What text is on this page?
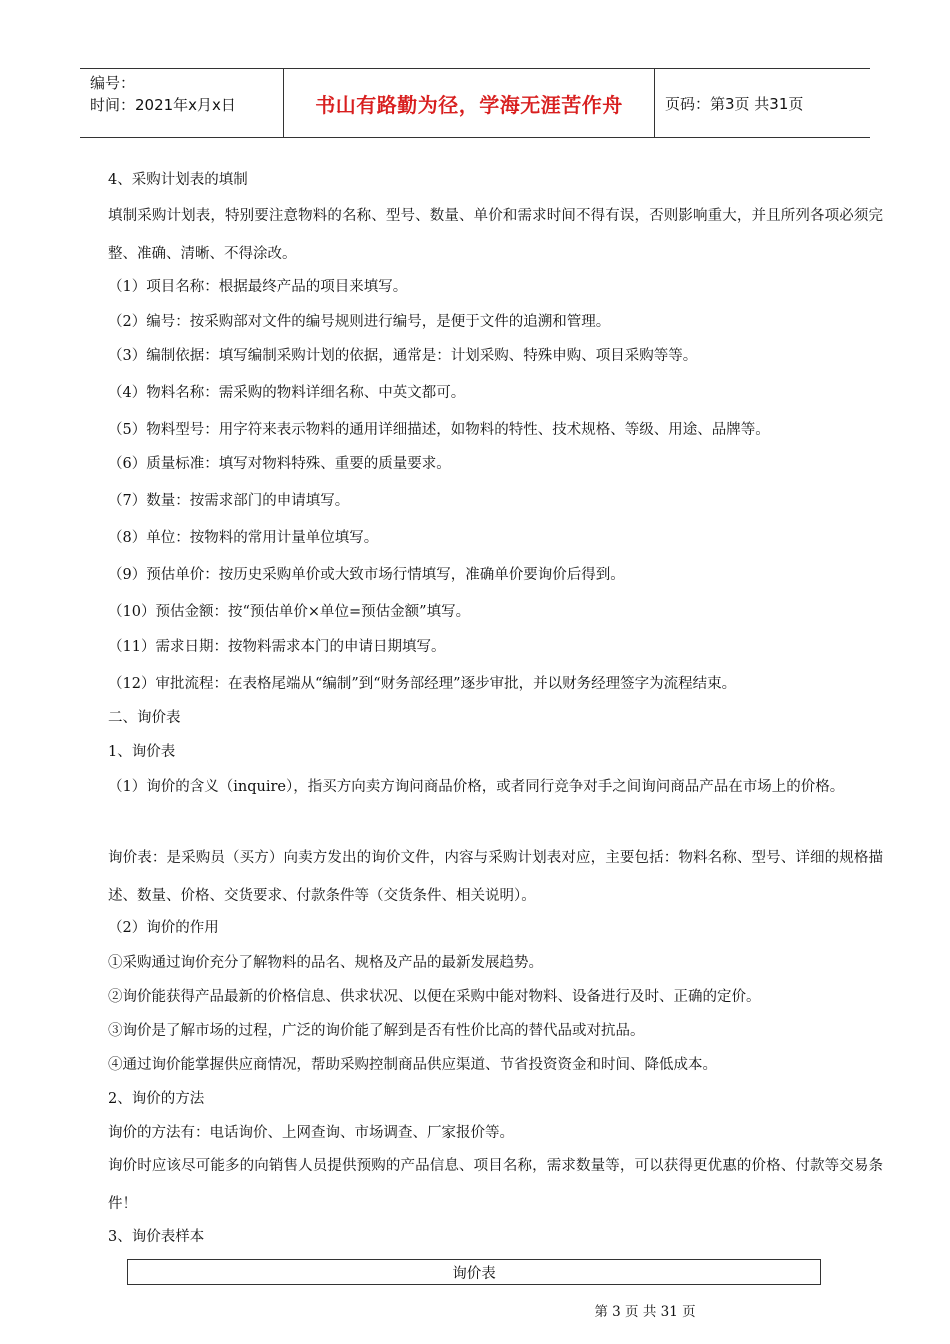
编号：
时间：2021年x月x日	书山有路勤为径，学海无涯苦作舟	页码：第3页 共31页
4、采购计划表的填制
填制采购计划表，特别要注意物料的名称、型号、数量、单价和需求时间不得有误，否则影响重大，并且所列各项必须完整、准确、清晰、不得涂改。
（1）项目名称：根据最终产品的项目来填写。
（2）编号：按采购部对文件的编号规则进行编号，是便于文件的追溯和管理。
（3）编制依据：填写编制采购计划的依据，通常是：计划采购、特殊申购、项目采购等等。
（4）物料名称：需采购的物料详细名称、中英文都可。
（5）物料型号：用字符来表示物料的通用详细描述，如物料的特性、技术规格、等级、用途、品牌等。
（6）质量标准：填写对物料特殊、重要的质量要求。
（7）数量：按需求部门的申请填写。
（8）单位：按物料的常用计量单位填写。
（9）预估单价：按历史采购单价或大致市场行情填写，准确单价要询价后得到。
（10）预估金额：按“预估单价×单位=预估金额”填写。
（11）需求日期：按物料需求本门的申请日期填写。
（12）审批流程：在表格尾端从“编制”到“财务部经理”逐步审批，并以财务经理签字为流程结束。
二、询价表
1、询价表
（1）询价的含义（inquire），指买方向卖方询问商品价格，或者同行竞争对手之间询问商品产品在市场上的价格。
询价表：是采购员（买方）向卖方发出的询价文件，内容与采购计划表对应，主要包括：物料名称、型号、详细的规格描述、数量、价格、交货要求、付款条件等（交货条件、相关说明）。
（2）询价的作用
①采购通过询价充分了解物料的品名、规格及产品的最新发展趋势。
②询价能获得产品最新的价格信息、供求状况、以便在采购中能对物料、设备进行及时、正确的定价。
③询价是了解市场的过程，广泛的询价能了解到是否有性价比高的替代品或对抗品。
④通过询价能掌握供应商情况，帮助采购控制商品供应渠道、节省投资资金和时间、降低成本。
2、询价的方法
询价的方法有：电话询价、上网查询、市场调查、厂家报价等。
询价时应该尽可能多的向销售人员提供预购的产品信息、项目名称，需求数量等，可以获得更优惠的价格、付款等交易条件！
3、询价表样本
询价表
第 3 页 共 31 页
